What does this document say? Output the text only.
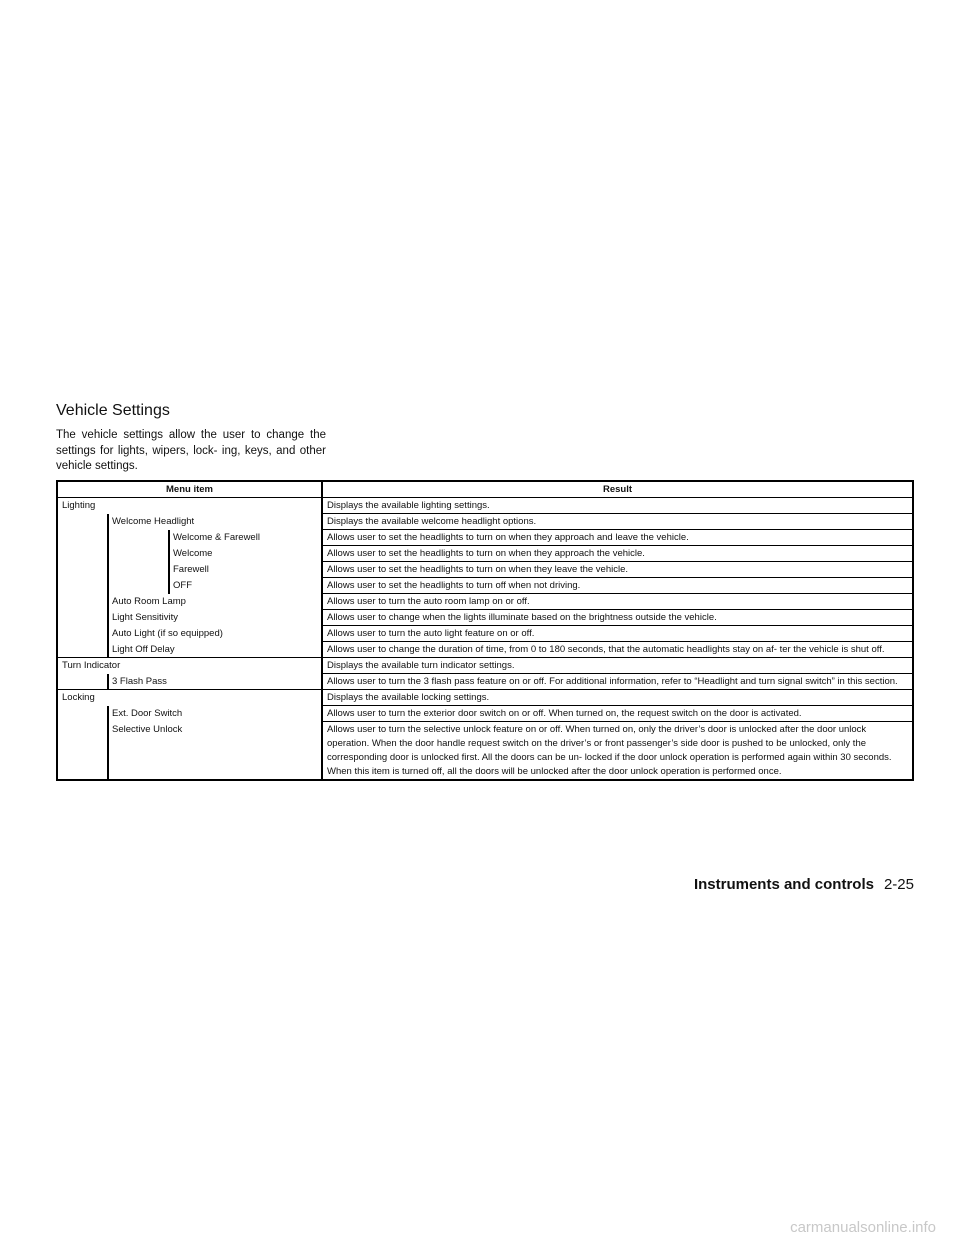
Vehicle Settings

The vehicle settings allow the user to change the settings for lights, wipers, lock- ing, keys, and other vehicle settings.

Menu item	Result
Lighting	Displays the available lighting settings.

Welcome Headlight	Displays the available welcome headlight options.

Welcome & Farewell	Allows user to set the headlights to turn on when they approach and leave the vehicle.

Welcome	Allows user to set the headlights to turn on when they approach the vehicle.

Farewell	Allows user to set the headlights to turn on when they leave the vehicle.

OFF	Allows user to set the headlights to turn off when not driving.

Auto Room Lamp	Allows user to turn the auto room lamp on or off.

Light Sensitivity	Allows user to change when the lights illuminate based on the brightness outside the vehicle.

Auto Light (if so equipped)	Allows user to turn the auto light feature on or off.

Light Off Delay	Allows user to change the duration of time, from 0 to 180 seconds, that the automatic headlights stay on af- ter the vehicle is shut off.
Turn Indicator	Displays the available turn indicator settings.

3 Flash Pass	Allows user to turn the 3 flash pass feature on or off. For additional information, refer to “Headlight and turn signal switch” in this section.
Locking	Displays the available locking settings.

Ext. Door Switch	Allows user to turn the exterior door switch on or off. When turned on, the request switch on the door is activated.

Selective Unlock	Allows user to turn the selective unlock feature on or off. When turned on, only the driver’s door is unlocked after the door unlock operation. When the door handle request switch on the driver’s or front passenger’s side door is pushed to be unlocked, only the corresponding door is unlocked first. All the doors can be un- locked if the door unlock operation is performed again within 30 seconds. When this item is turned off, all the doors will be unlocked after the door unlock operation is performed once.
Instruments and controls 2-25
carmanualsonline.info
